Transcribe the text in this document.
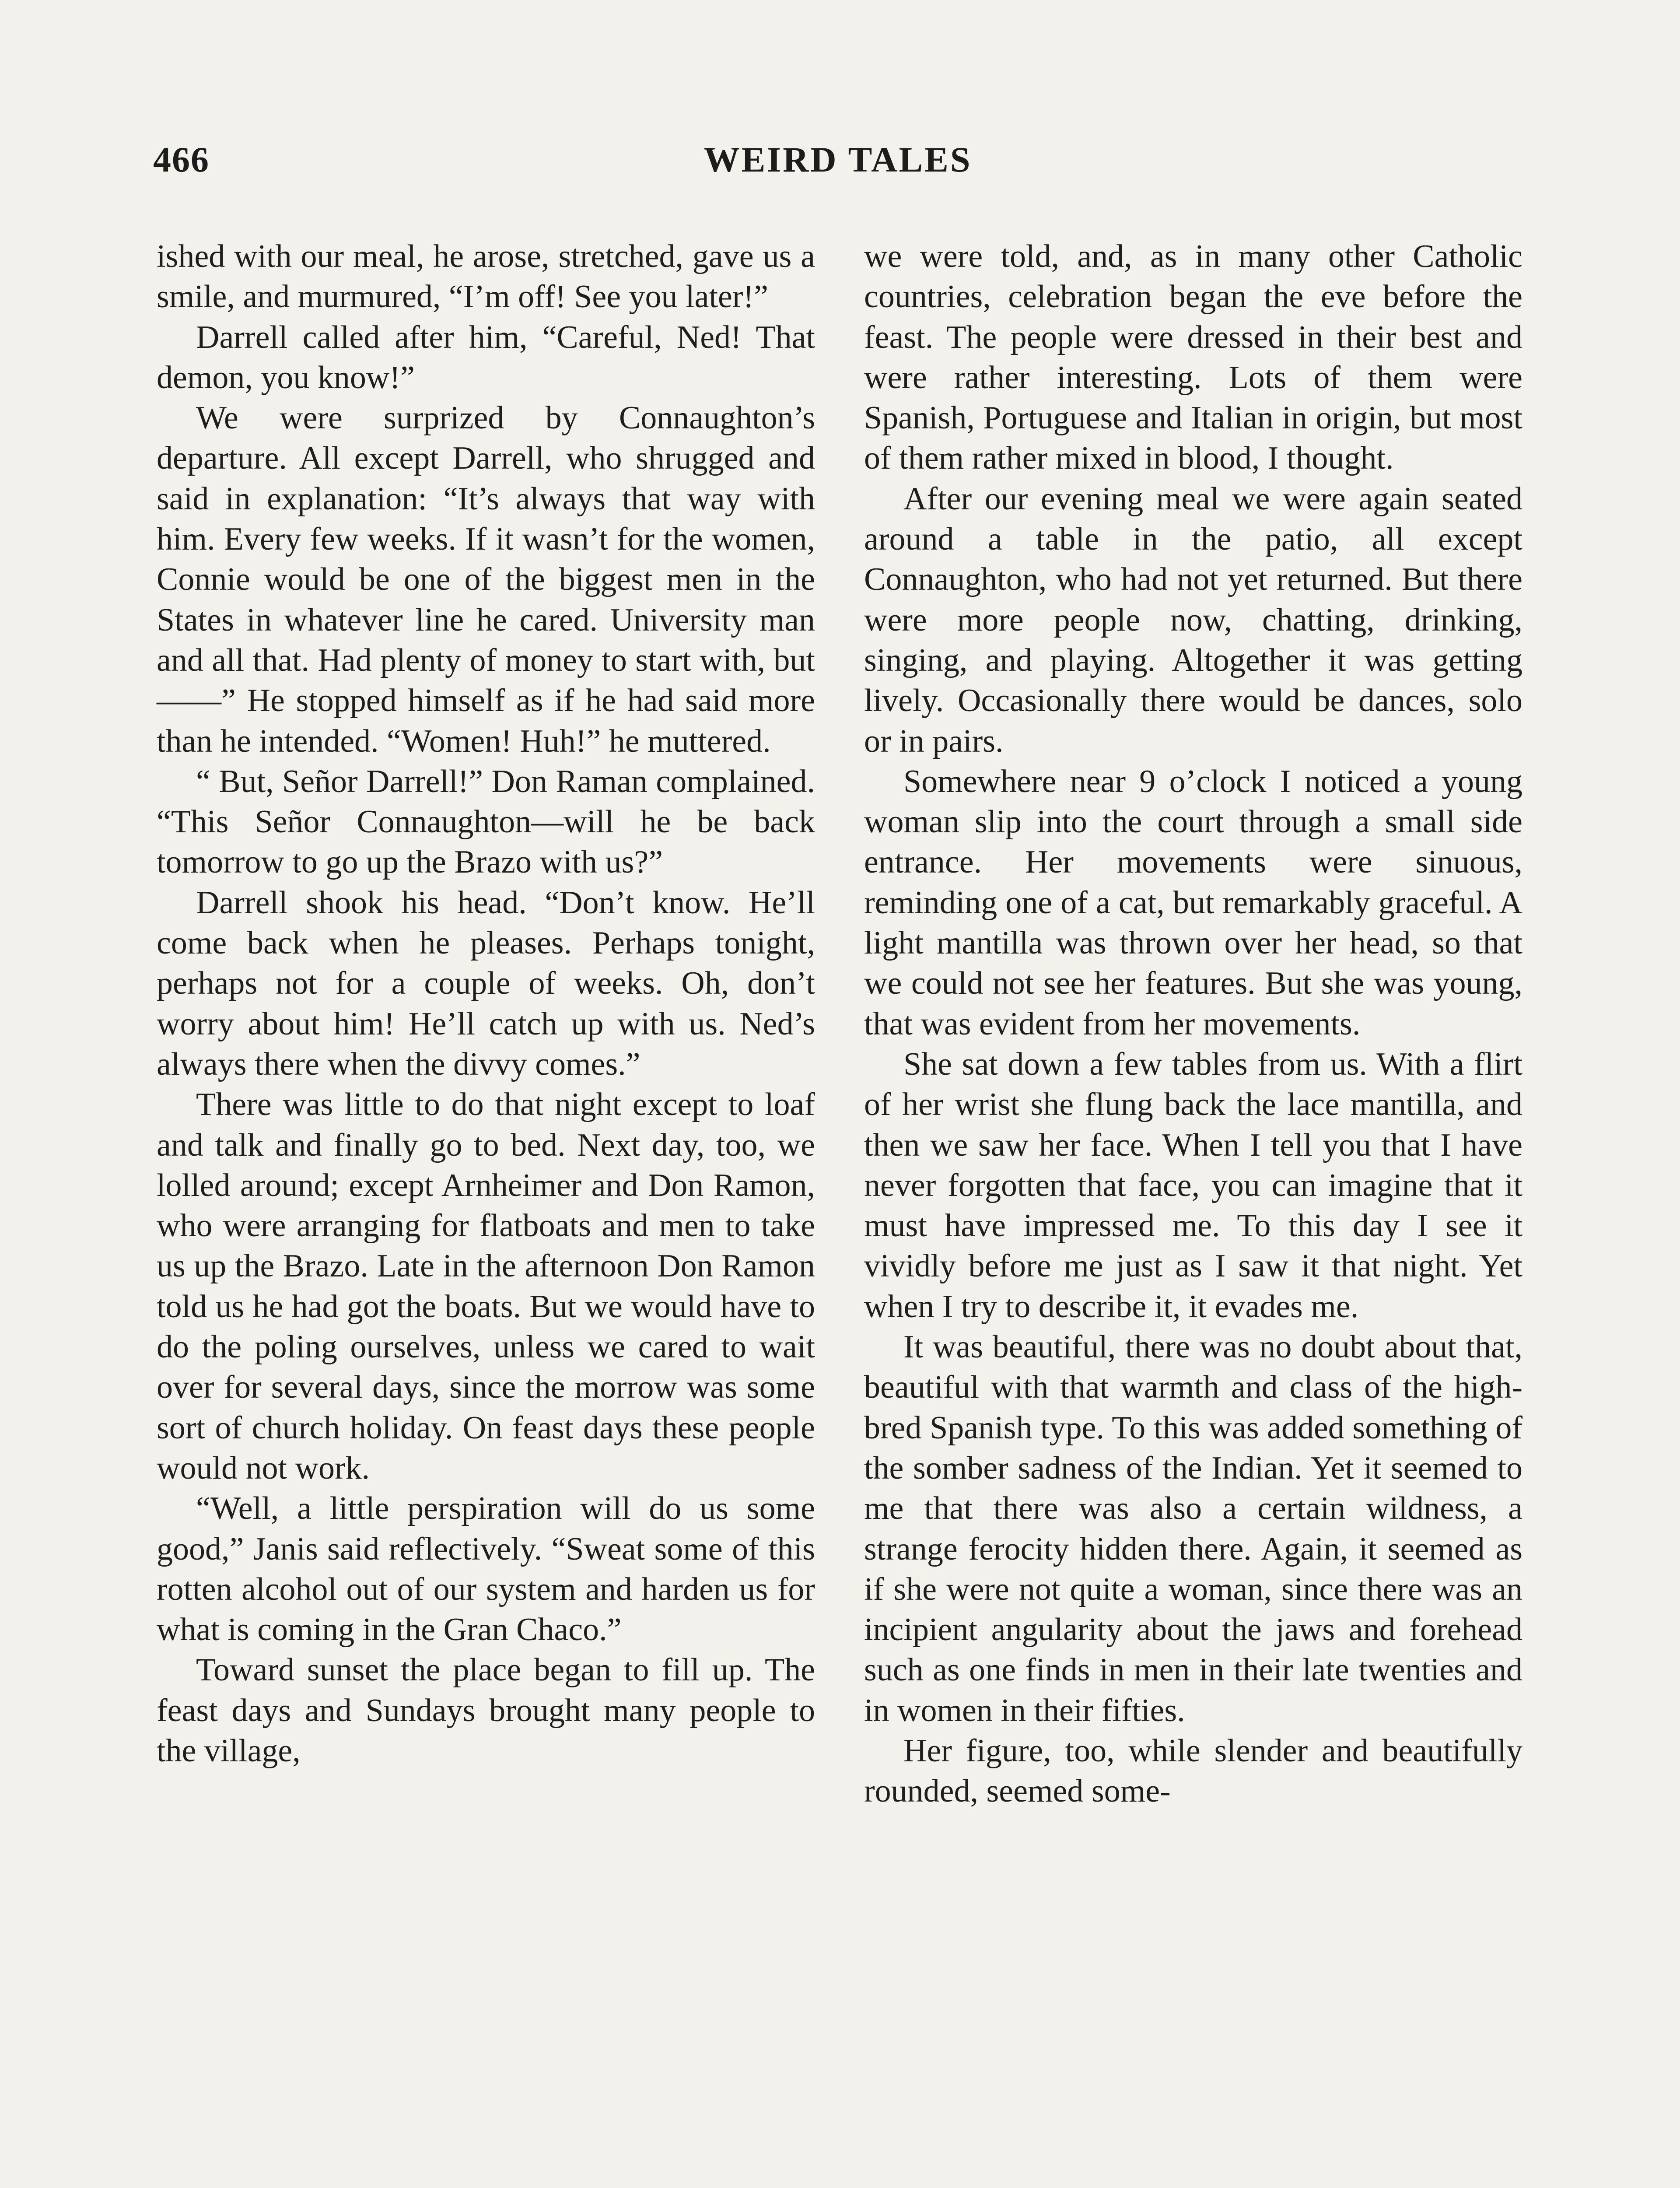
466	WEIRD TALES

ished with our meal, he arose, stretched, gave us a smile, and murmured, “I’m off! See you later!”

Darrell called after him, “Careful, Ned! That demon, you know!”

We were surprized by Connaughton’s departure. All except Darrell, who shrugged and said in explanation: “It’s always that way with him. Every few weeks. If it wasn’t for the women, Connie would be one of the biggest men in the States in whatever line he cared. University man and all that. Had plenty of money to start with, but——” He stopped himself as if he had said more than he intended. “Women! Huh!” he muttered.

“ But, Señor Darrell!” Don Raman complained. “This Señor Connaughton—will he be back tomorrow to go up the Brazo with us?”

Darrell shook his head. “Don’t know. He’ll come back when he pleases. Perhaps tonight, perhaps not for a couple of weeks. Oh, don’t worry about him! He’ll catch up with us. Ned’s always there when the divvy comes.”

There was little to do that night except to loaf and talk and finally go to bed. Next day, too, we lolled around; except Arnheimer and Don Ramon, who were arranging for flatboats and men to take us up the Brazo. Late in the afternoon Don Ramon told us he had got the boats. But we would have to do the poling ourselves, unless we cared to wait over for several days, since the morrow was some sort of church holiday. On feast days these people would not work.

“Well, a little perspiration will do us some good,” Janis said reflectively. “Sweat some of this rotten alcohol out of our system and harden us for what is coming in the Gran Chaco.”

Toward sunset the place began to fill up. The feast days and Sundays brought many people to the village,

we were told, and, as in many other Catholic countries, celebration began the eve before the feast. The people were dressed in their best and were rather interesting. Lots of them were Spanish, Portuguese and Italian in origin, but most of them rather mixed in blood, I thought.

After our evening meal we were again seated around a table in the patio, all except Connaughton, who had not yet returned. But there were more people now, chatting, drinking, singing, and playing. Altogether it was getting lively. Occasionally there would be dances, solo or in pairs.

Somewhere near 9 o’clock I noticed a young woman slip into the court through a small side entrance. Her movements were sinuous, reminding one of a cat, but remarkably graceful. A light mantilla was thrown over her head, so that we could not see her features. But she was young, that was evident from her movements.

She sat down a few tables from us. With a flirt of her wrist she flung back the lace mantilla, and then we saw her face. When I tell you that I have never forgotten that face, you can imagine that it must have impressed me. To this day I see it vividly before me just as I saw it that night. Yet when I try to describe it, it evades me.

It was beautiful, there was no doubt about that, beautiful with that warmth and class of the high-bred Spanish type. To this was added something of the somber sadness of the Indian. Yet it seemed to me that there was also a certain wildness, a strange ferocity hidden there. Again, it seemed as if she were not quite a woman, since there was an incipient angularity about the jaws and forehead such as one finds in men in their late twenties and in women in their fifties.

Her figure, too, while slender and beautifully rounded, seemed some-
